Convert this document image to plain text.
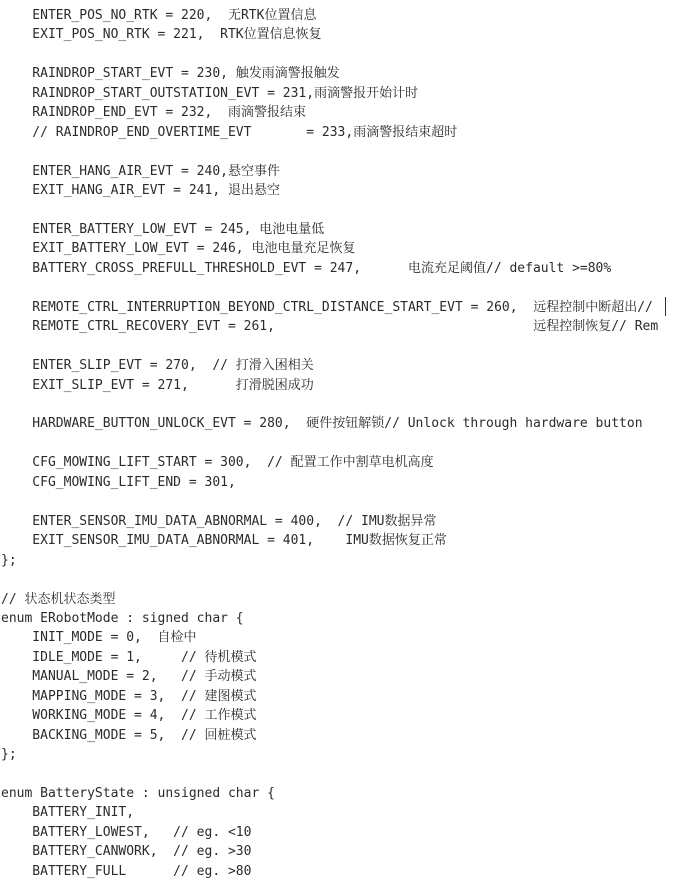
ENTER_POS_NO_RTK = 220,  无RTK位置信息
EXIT_POS_NO_RTK = 221,  RTK位置信息恢复
RAINDROP_START_EVT = 230, 触发雨滴警报触发
RAINDROP_START_OUTSTATION_EVT = 231,雨滴警报开始计时
RAINDROP_END_EVT = 232,  雨滴警报结束
// RAINDROP_END_OVERTIME_EVT       = 233,雨滴警报结束超时
ENTER_HANG_AIR_EVT = 240,悬空事件
EXIT_HANG_AIR_EVT = 241, 退出悬空
ENTER_BATTERY_LOW_EVT = 245, 电池电量低
EXIT_BATTERY_LOW_EVT = 246, 电池电量充足恢复
BATTERY_CROSS_PREFULL_THRESHOLD_EVT = 247,      电流充足阈值// default >=80%
REMOTE_CTRL_INTERRUPTION_BEYOND_CTRL_DISTANCE_START_EVT = 260,  远程控制中断超出//
REMOTE_CTRL_RECOVERY_EVT = 261,                                 远程控制恢复// Rem
ENTER_SLIP_EVT = 270,  // 打滑入困相关
EXIT_SLIP_EVT = 271,      打滑脱困成功
HARDWARE_BUTTON_UNLOCK_EVT = 280,  硬件按钮解锁// Unlock through hardware button
CFG_MOWING_LIFT_START = 300,  // 配置工作中割草电机高度
CFG_MOWING_LIFT_END = 301,
ENTER_SENSOR_IMU_DATA_ABNORMAL = 400,  // IMU数据异常
EXIT_SENSOR_IMU_DATA_ABNORMAL = 401,    IMU数据恢复正常
};
// 状态机状态类型
enum ERobotMode : signed char {
INIT_MODE = 0,  自检中
IDLE_MODE = 1,     // 待机模式
MANUAL_MODE = 2,   // 手动模式
MAPPING_MODE = 3,  // 建图模式
WORKING_MODE = 4,  // 工作模式
BACKING_MODE = 5,  // 回桩模式
};
enum BatteryState : unsigned char {
BATTERY_INIT,
BATTERY_LOWEST,   // eg. <10
BATTERY_CANWORK,  // eg. >30
BATTERY_FULL      // eg. >80
